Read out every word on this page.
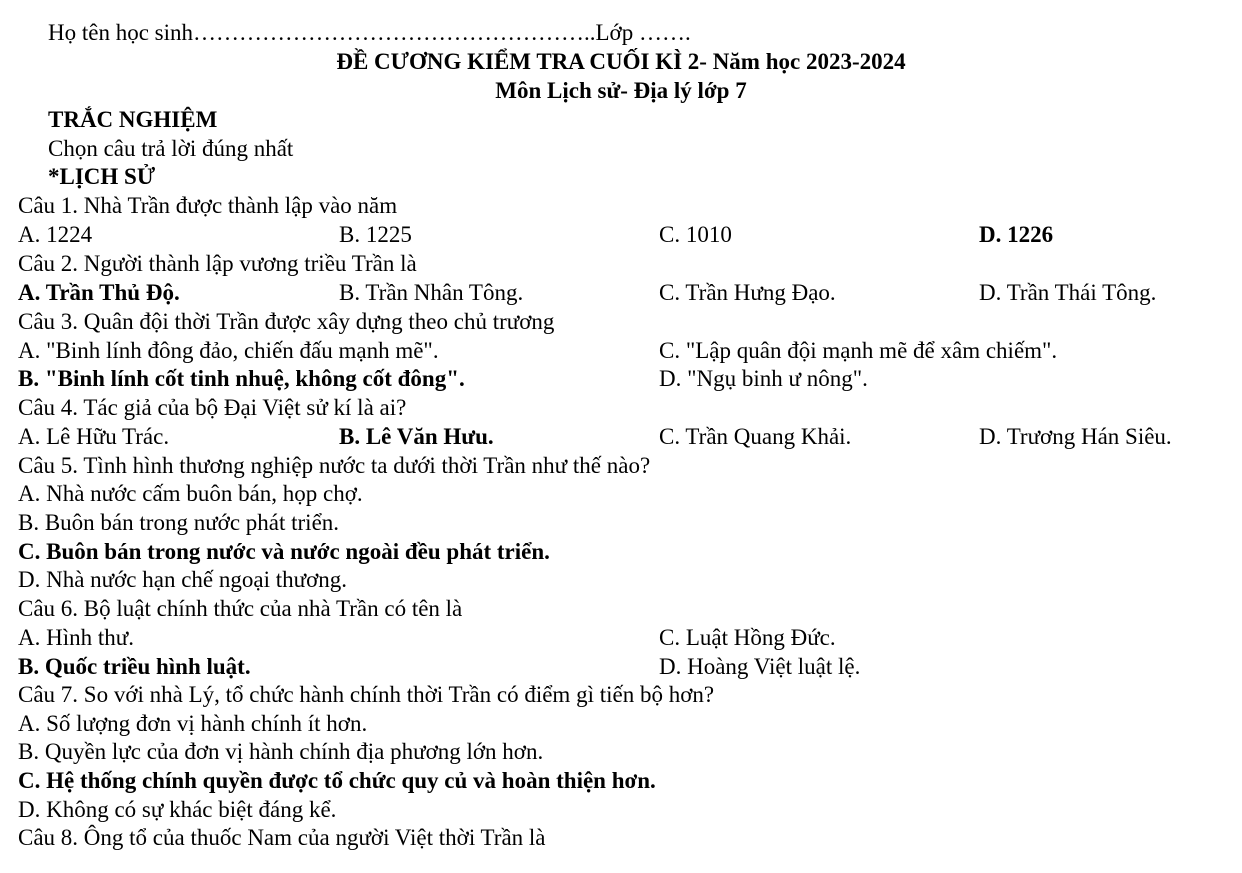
Họ tên học sinh……………………………………………..Lớp …….
ĐỀ CƯƠNG KIỂM TRA CUỐI KÌ 2- Năm học 2023-2024
Môn Lịch sử- Địa lý lớp 7
TRẮC NGHIỆM
Chọn câu trả lời đúng nhất
*LỊCH SỬ
Câu 1. Nhà Trần được thành lập vào năm
A. 1224	B. 1225	C. 1010	D. 1226
Câu 2. Người thành lập vương triều Trần là
A. Trần Thủ Độ.	B. Trần Nhân Tông.	C. Trần Hưng Đạo.	D. Trần Thái Tông.
Câu 3. Quân đội thời Trần được xây dựng theo chủ trương
A. "Binh lính đông đảo, chiến đấu mạnh mẽ".	C. "Lập quân đội mạnh mẽ để xâm chiếm".
B. "Binh lính cốt tinh nhuệ, không cốt đông".	D. "Ngụ binh ư nông".
Câu 4. Tác giả của bộ Đại Việt sử kí là ai?
A. Lê Hữu Trác.	B. Lê Văn Hưu.	C. Trần Quang Khải.	D. Trương Hán Siêu.
Câu 5. Tình hình thương nghiệp nước ta dưới thời Trần như thế nào?
A. Nhà nước cấm buôn bán, họp chợ.
B. Buôn bán trong nước phát triển.
C. Buôn bán trong nước và nước ngoài đều phát triển.
D. Nhà nước hạn chế ngoại thương.
Câu 6. Bộ luật chính thức của nhà Trần có tên là
A. Hình thư.	C. Luật Hồng Đức.
B. Quốc triều hình luật.	D. Hoàng Việt luật lệ.
Câu 7. So với nhà Lý, tổ chức hành chính thời Trần có điểm gì tiến bộ hơn?
A. Số lượng đơn vị hành chính ít hơn.
B. Quyền lực của đơn vị hành chính địa phương lớn hơn.
C. Hệ thống chính quyền được tổ chức quy củ và hoàn thiện hơn.
D. Không có sự khác biệt đáng kể.
Câu 8. Ông tổ của thuốc Nam của người Việt thời Trần là
